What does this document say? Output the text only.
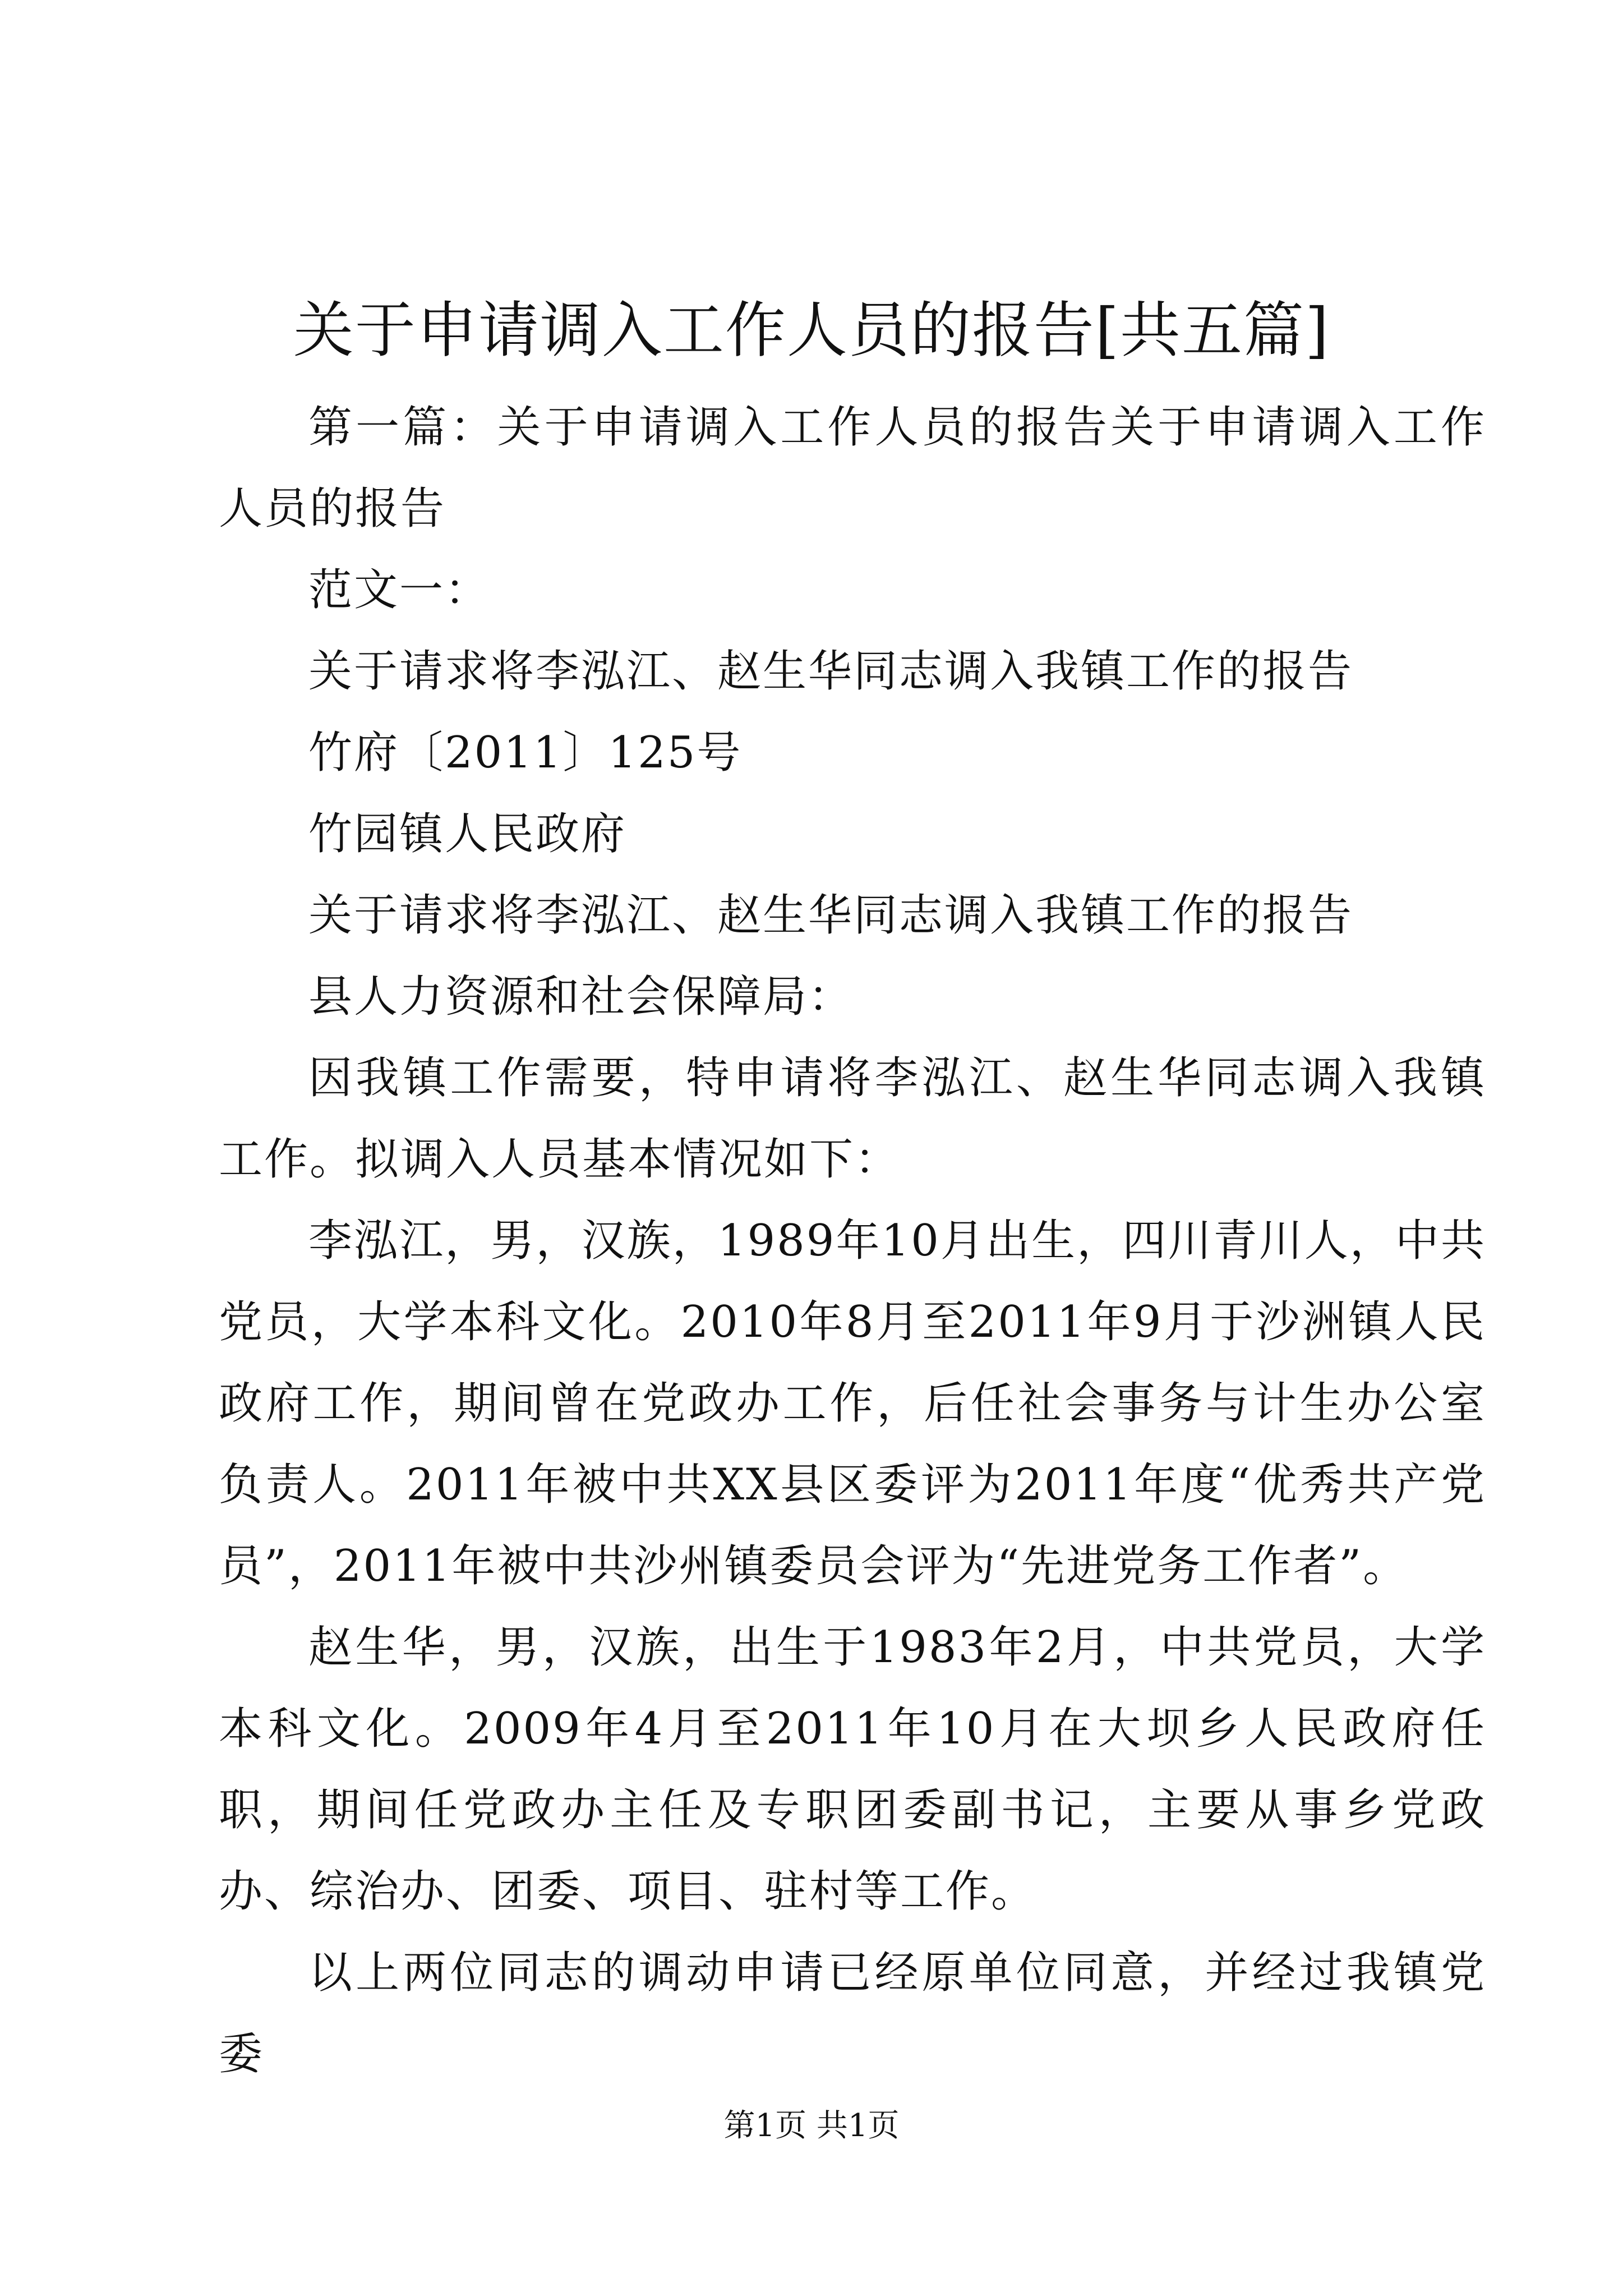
关于申请调入工作人员的报告[共五篇]

第一篇：关于申请调入工作人员的报告关于申请调入工作人员的报告

范文一：

关于请求将李泓江、赵生华同志调入我镇工作的报告

竹府〔2011〕125号

竹园镇人民政府

关于请求将李泓江、赵生华同志调入我镇工作的报告

县人力资源和社会保障局：

因我镇工作需要，特申请将李泓江、赵生华同志调入我镇工作。拟调入人员基本情况如下：

李泓江，男，汉族，1989年10月出生，四川青川人，中共党员，大学本科文化。2010年8月至2011年9月于沙洲镇人民政府工作，期间曾在党政办工作，后任社会事务与计生办公室负责人。2011年被中共XX县区委评为2011年度“优秀共产党员”，2011年被中共沙州镇委员会评为“先进党务工作者”。

赵生华，男，汉族，出生于1983年2月，中共党员，大学本科文化。2009年4月至2011年10月在大坝乡人民政府任职，期间任党政办主任及专职团委副书记，主要从事乡党政办、综治办、团委、项目、驻村等工作。

以上两位同志的调动申请已经原单位同意，并经过我镇党委

第1页 共1页
